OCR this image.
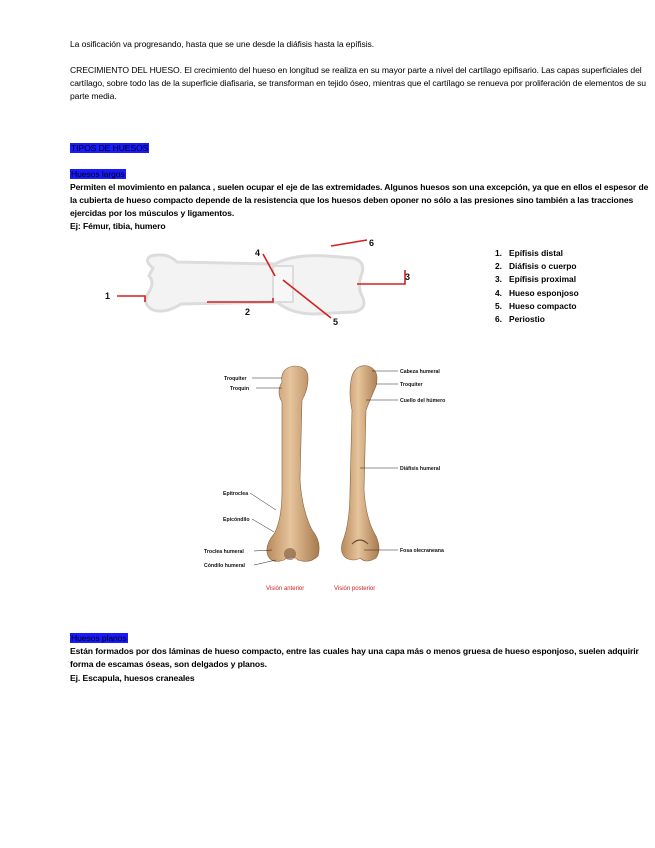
La osificación va progresando, hasta que se une desde la diáfisis hasta la epífisis.
CRECIMIENTO DEL HUESO. El crecimiento del hueso en longitud se realiza en su mayor parte a nivel del cartílago epifisario. Las capas superficiales del cartílago, sobre todo las de la superficie diafisaria, se transforman en tejido óseo, mientras que el cartílago se renueva por proliferación de elementos de su parte media.
TIPOS DE HUESOS
Huesos largos
Permiten el movimiento en palanca , suelen ocupar el eje de las extremidades. Algunos huesos son una excepción, ya que en ellos el espesor de la cubierta de hueso compacto depende de la resistencia que los huesos deben oponer no sólo a las presiones sino también a las tracciones ejercidas por los músculos y ligamentos.
Ej: Fémur, tibia, humero
1
2
3
4
5
6
1. Epífisis distal
2. Diáfisis o cuerpo
3. Epífisis proximal
4. Hueso esponjoso
5. Hueso compacto
6. Periostio
Troquiter
Troquin
Epitroclea
Epicóndilo
Troclea humeral
Cóndilo humeral
Cabeza humeral
Troquiter
Cuello del húmero
Diáfisis humeral
Fosa olecraneana
Visión anterior	Visión posterior
Huesos planos
Están formados por dos láminas de hueso compacto, entre las cuales hay una capa más o menos gruesa de hueso esponjoso, suelen adquirir forma de escamas óseas, son delgados y planos.
Ej. Escapula, huesos craneales
